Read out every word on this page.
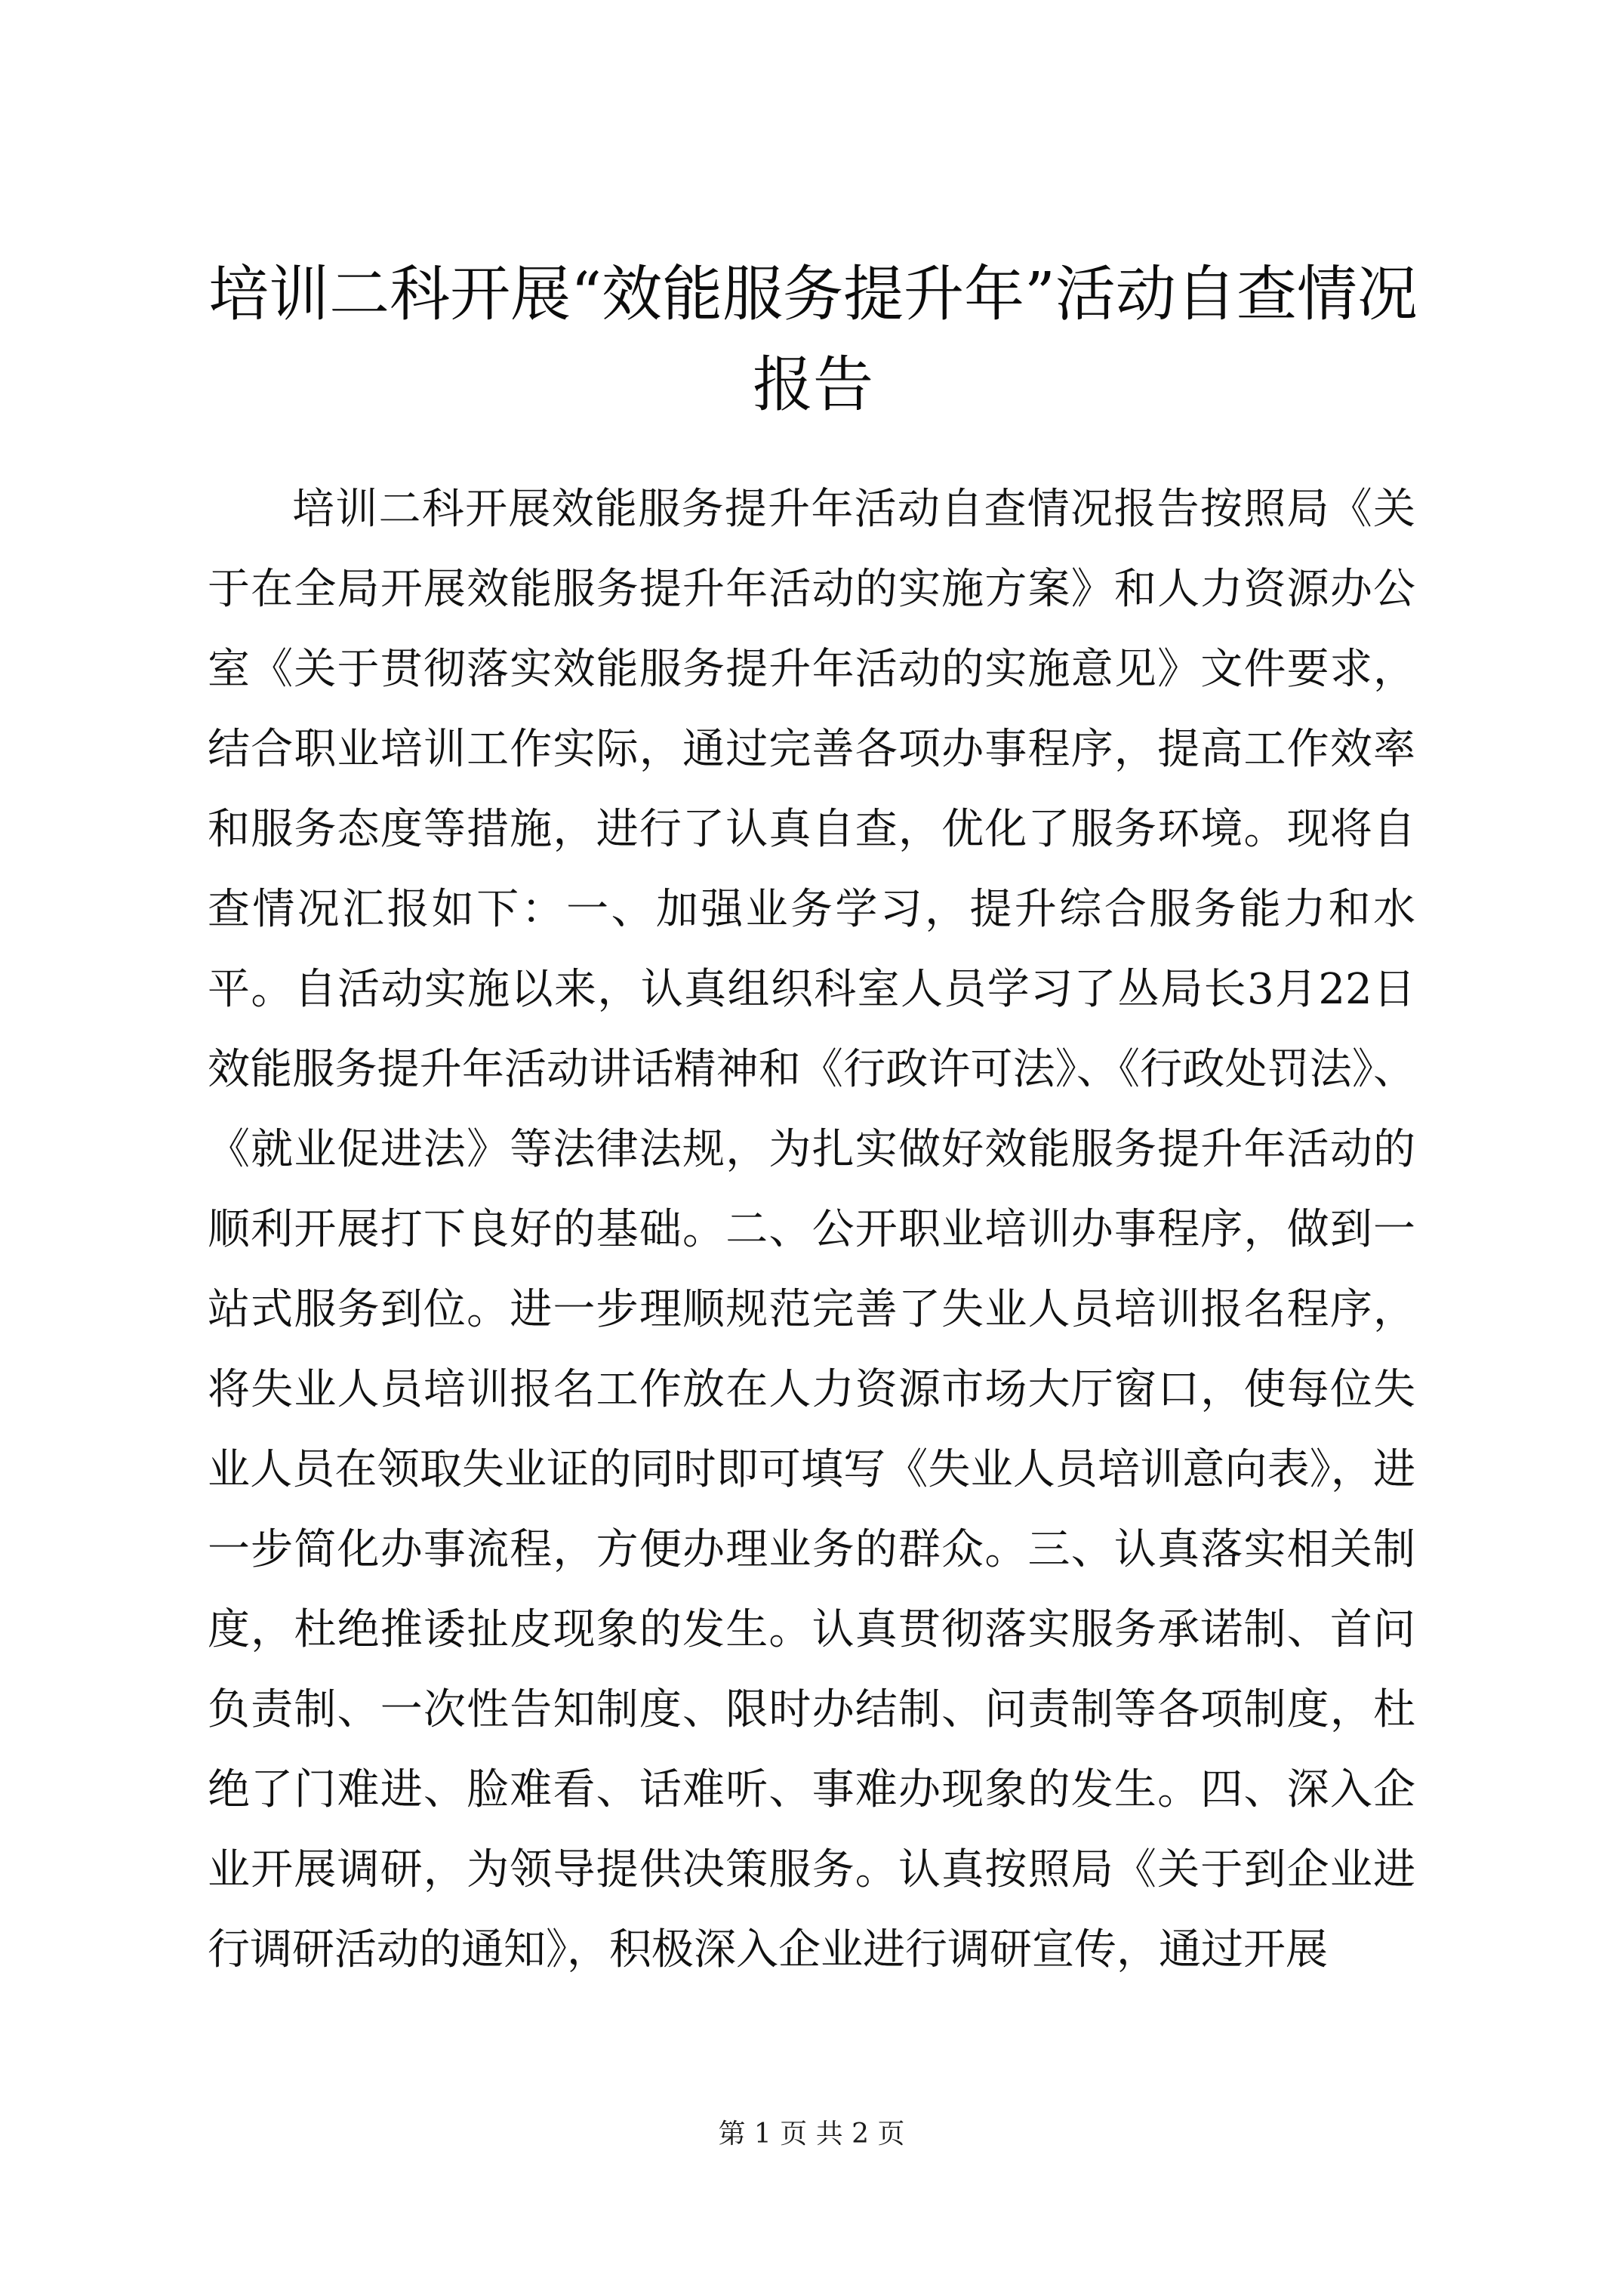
培训二科开展“效能服务提升年”活动自查情况报告

培训二科开展效能服务提升年活动自查情况报告按照局《关于在全局开展效能服务提升年活动的实施方案》和人力资源办公室《关于贯彻落实效能服务提升年活动的实施意见》文件要求，结合职业培训工作实际，通过完善各项办事程序，提高工作效率和服务态度等措施，进行了认真自查，优化了服务环境。现将自查情况汇报如下：一、加强业务学习，提升综合服务能力和水平。自活动实施以来，认真组织科室人员学习了丛局长3月22日效能服务提升年活动讲话精神和《行政许可法》、《行政处罚法》、《就业促进法》等法律法规，为扎实做好效能服务提升年活动的顺利开展打下良好的基础。二、公开职业培训办事程序，做到一站式服务到位。进一步理顺规范完善了失业人员培训报名程序，将失业人员培训报名工作放在人力资源市场大厅窗口，使每位失业人员在领取失业证的同时即可填写《失业人员培训意向表》，进一步简化办事流程，方便办理业务的群众。三、认真落实相关制度，杜绝推诿扯皮现象的发生。认真贯彻落实服务承诺制、首问负责制、一次性告知制度、限时办结制、问责制等各项制度，杜绝了门难进、脸难看、话难听、事难办现象的发生。四、深入企业开展调研，为领导提供决策服务。认真按照局《关于到企业进行调研活动的通知》，积极深入企业进行调研宣传，通过开展

第 1 页 共 2 页
